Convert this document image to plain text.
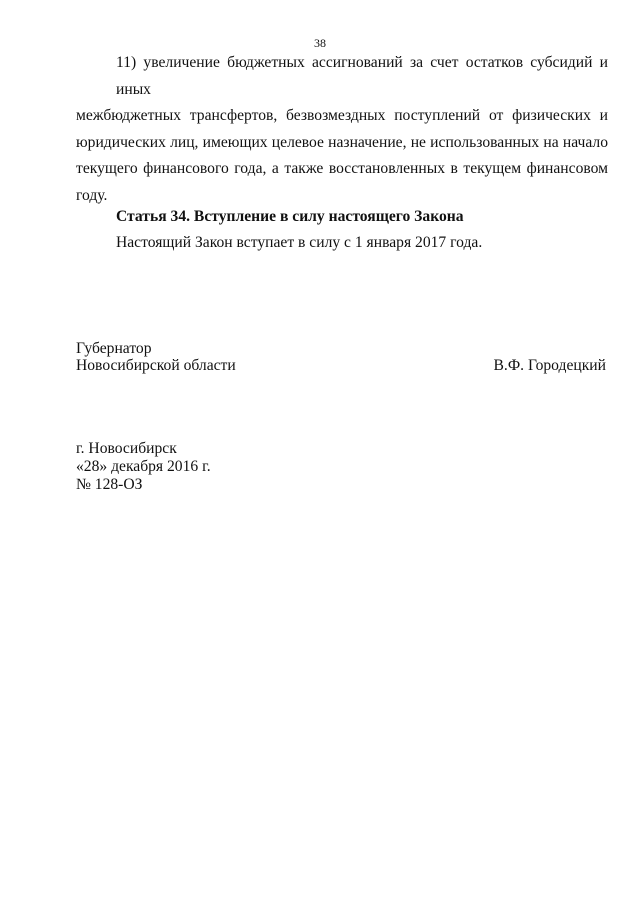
38
11) увеличение бюджетных ассигнований за счет остатков субсидий и иных
межбюджетных трансфертов, безвозмездных поступлений от физических и
юридических лиц, имеющих целевое назначение, не использованных на начало
текущего финансового года, а также восстановленных в текущем финансовом
году.
Статья 34. Вступление в силу настоящего Закона
Настоящий Закон вступает в силу с 1 января 2017 года.
Губернатор
Новосибирской области	В.Ф. Городецкий
г. Новосибирск
«28» декабря 2016 г.
№ 128-ОЗ
